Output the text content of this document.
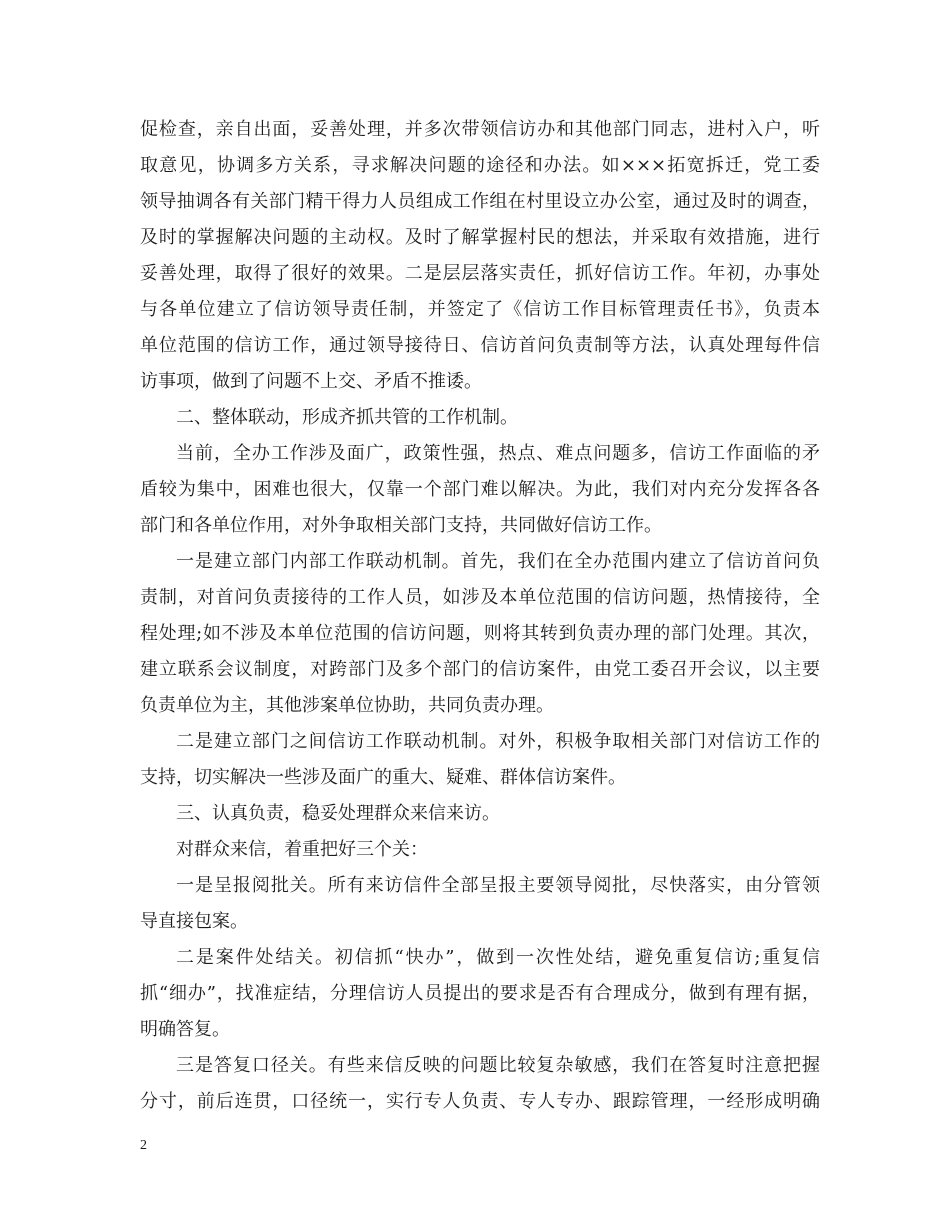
促检查，亲自出面，妥善处理，并多次带领信访办和其他部门同志，进村入户，听
取意见，协调多方关系，寻求解决问题的途径和办法。如×××拓宽拆迁，党工委
领导抽调各有关部门精干得力人员组成工作组在村里设立办公室，通过及时的调查，
及时的掌握解决问题的主动权。及时了解掌握村民的想法，并采取有效措施，进行
妥善处理，取得了很好的效果。二是层层落实责任，抓好信访工作。年初，办事处
与各单位建立了信访领导责任制，并签定了《信访工作目标管理责任书》，负责本
单位范围的信访工作，通过领导接待日、信访首问负责制等方法，认真处理每件信
访事项，做到了问题不上交、矛盾不推诿。
二、整体联动，形成齐抓共管的工作机制。
当前，全办工作涉及面广，政策性强，热点、难点问题多，信访工作面临的矛
盾较为集中，困难也很大，仅靠一个部门难以解决。为此，我们对内充分发挥各各
部门和各单位作用，对外争取相关部门支持，共同做好信访工作。
一是建立部门内部工作联动机制。首先，我们在全办范围内建立了信访首问负
责制，对首问负责接待的工作人员，如涉及本单位范围的信访问题，热情接待，全
程处理;如不涉及本单位范围的信访问题，则将其转到负责办理的部门处理。其次，
建立联系会议制度，对跨部门及多个部门的信访案件，由党工委召开会议，以主要
负责单位为主，其他涉案单位协助，共同负责办理。
二是建立部门之间信访工作联动机制。对外，积极争取相关部门对信访工作的
支持，切实解决一些涉及面广的重大、疑难、群体信访案件。
三、认真负责，稳妥处理群众来信来访。
对群众来信，着重把好三个关：
一是呈报阅批关。所有来访信件全部呈报主要领导阅批，尽快落实，由分管领
导直接包案。
二是案件处结关。初信抓“快办”，做到一次性处结，避免重复信访;重复信
抓“细办”，找准症结，分理信访人员提出的要求是否有合理成分，做到有理有据，
明确答复。
三是答复口径关。有些来信反映的问题比较复杂敏感，我们在答复时注意把握
分寸，前后连贯，口径统一，实行专人负责、专人专办、跟踪管理，一经形成明确
2
